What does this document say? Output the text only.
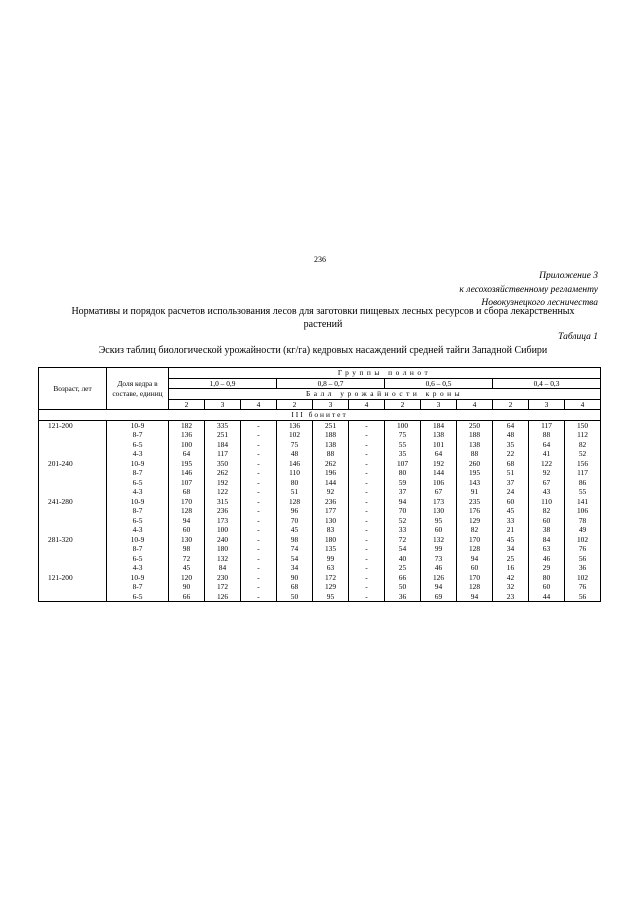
236
Приложение 3
к лесохозяйственному регламенту
Новокузнецкого лесничества
Нормативы и порядок расчетов использования лесов для заготовки пищевых лесных ресурсов и сбора лекарственных
растений
Таблица 1
Эскиз таблиц биологической урожайности (кг/га) кедровых насаждений средней тайги Западной Сибири
Возраст, лет	Доля кедра в составе, единиц	Группы полнот											
		1,0 – 0,9			0,8 – 0,7			0,6 – 0,5			0,4 – 0,3		
		Балл урожайности кроны											
		2	3	4	2	3	4	2	3	4	2	3	4
III бонитет													
121-200	10-9	182	335	-	136	251	-	100	184	250	64	117	150
	8-7	136	251	-	102	188	-	75	138	188	48	88	112
	6-5	100	184	-	75	138	-	55	101	138	35	64	82
	4-3	64	117	-	48	88	-	35	64	88	22	41	52
201-240	10-9	195	350	-	146	262	-	107	192	260	68	122	156
	8-7	146	262	-	110	196	-	80	144	195	51	92	117
	6-5	107	192	-	80	144	-	59	106	143	37	67	86
	4-3	68	122	-	51	92	-	37	67	91	24	43	55
241-280	10-9	170	315	-	128	236	-	94	173	235	60	110	141
	8-7	128	236	-	96	177	-	70	130	176	45	82	106
	6-5	94	173	-	70	130	-	52	95	129	33	60	78
	4-3	60	100	-	45	83	-	33	60	82	21	38	49
281-320	10-9	130	240	-	98	180	-	72	132	170	45	84	102
	8-7	98	180	-	74	135	-	54	99	128	34	63	76
	6-5	72	132	-	54	99	-	40	73	94	25	46	56
	4-3	45	84	-	34	63	-	25	46	60	16	29	36
121-200	10-9	120	230	-	90	172	-	66	126	170	42	80	102
	8-7	90	172	-	68	129	-	50	94	128	32	60	76
	6-5	66	126	-	50	95	-	36	69	94	23	44	56
